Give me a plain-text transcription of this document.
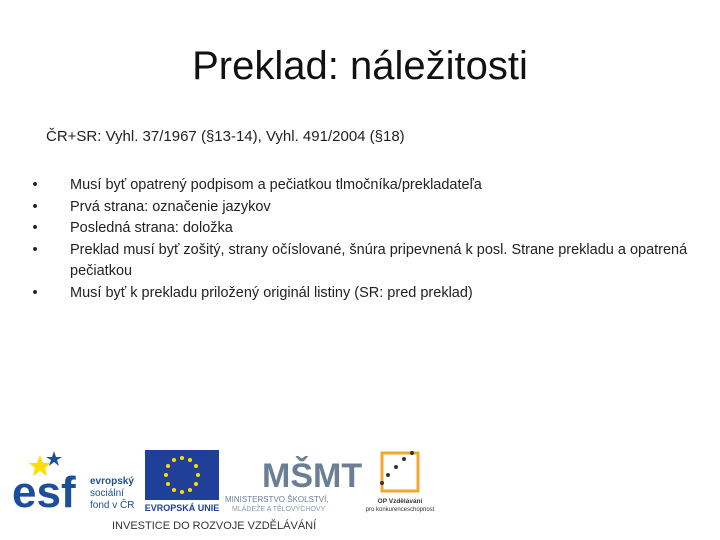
Preklad: náležitosti
ČR+SR: Vyhl. 37/1967 (§13-14), Vyhl. 491/2004 (§18)
• Musí byť opatrený podpisom a pečiatkou tlmočníka/prekladateľa
• Prvá strana: označenie jazykov
• Posledná strana: doložka
• Preklad musí byť zošitý, strany očíslované, šnúra pripevnená k posl. Strane prekladu a opatrená pečiatkou
• Musí byť k prekladu priložený originál listiny (SR: pred preklad)
esf evropský
sociální
fond v ČR EVROPSKÁ UNIE
MŠMT
MINISTERSTVO ŠKOLSTVÍ,
MLÁDEŽE A TĚLOVÝCHOVY
OP Vzdělávání
pro konkurenceschopnost
INVESTICE DO ROZVOJE VZDĚLÁVÁNÍ
